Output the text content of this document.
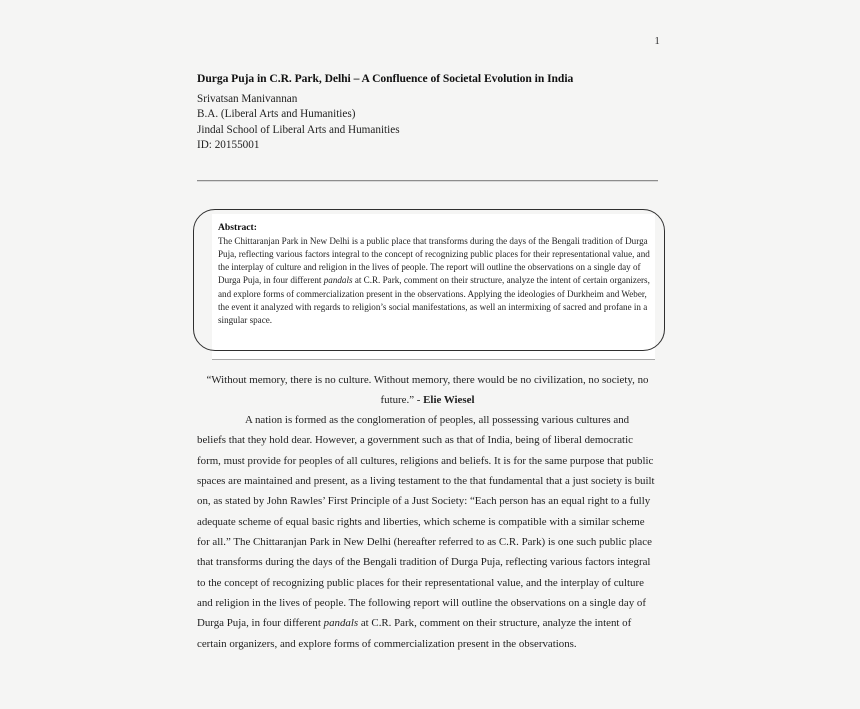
1
Durga Puja in C.R. Park, Delhi – A Confluence of Societal Evolution in India
Srivatsan Manivannan
B.A. (Liberal Arts and Humanities)
Jindal School of Liberal Arts and Humanities
ID: 20155001
Abstract:
The Chittaranjan Park in New Delhi is a public place that transforms during the days of the Bengali tradition of Durga Puja, reflecting various factors integral to the concept of recognizing public places for their representational value, and the interplay of culture and religion in the lives of people. The report will outline the observations on a single day of Durga Puja, in four different pandals at C.R. Park, comment on their structure, analyze the intent of certain organizers, and explore forms of commercialization present in the observations. Applying the ideologies of Durkheim and Weber, the event it analyzed with regards to religion’s social manifestations, as well an intermixing of sacred and profane in a singular space.
“Without memory, there is no culture. Without memory, there would be no civilization, no society, no future.” - Elie Wiesel
A nation is formed as the conglomeration of peoples, all possessing various cultures and beliefs that they hold dear. However, a government such as that of India, being of liberal democratic form, must provide for peoples of all cultures, religions and beliefs. It is for the same purpose that public spaces are maintained and present, as a living testament to the that fundamental that a just society is built on, as stated by John Rawles’ First Principle of a Just Society: “Each person has an equal right to a fully adequate scheme of equal basic rights and liberties, which scheme is compatible with a similar scheme for all.” The Chittaranjan Park in New Delhi (hereafter referred to as C.R. Park) is one such public place that transforms during the days of the Bengali tradition of Durga Puja, reflecting various factors integral to the concept of recognizing public places for their representational value, and the interplay of culture and religion in the lives of people. The following report will outline the observations on a single day of Durga Puja, in four different pandals at C.R. Park, comment on their structure, analyze the intent of certain organizers, and explore forms of commercialization present in the observations.
